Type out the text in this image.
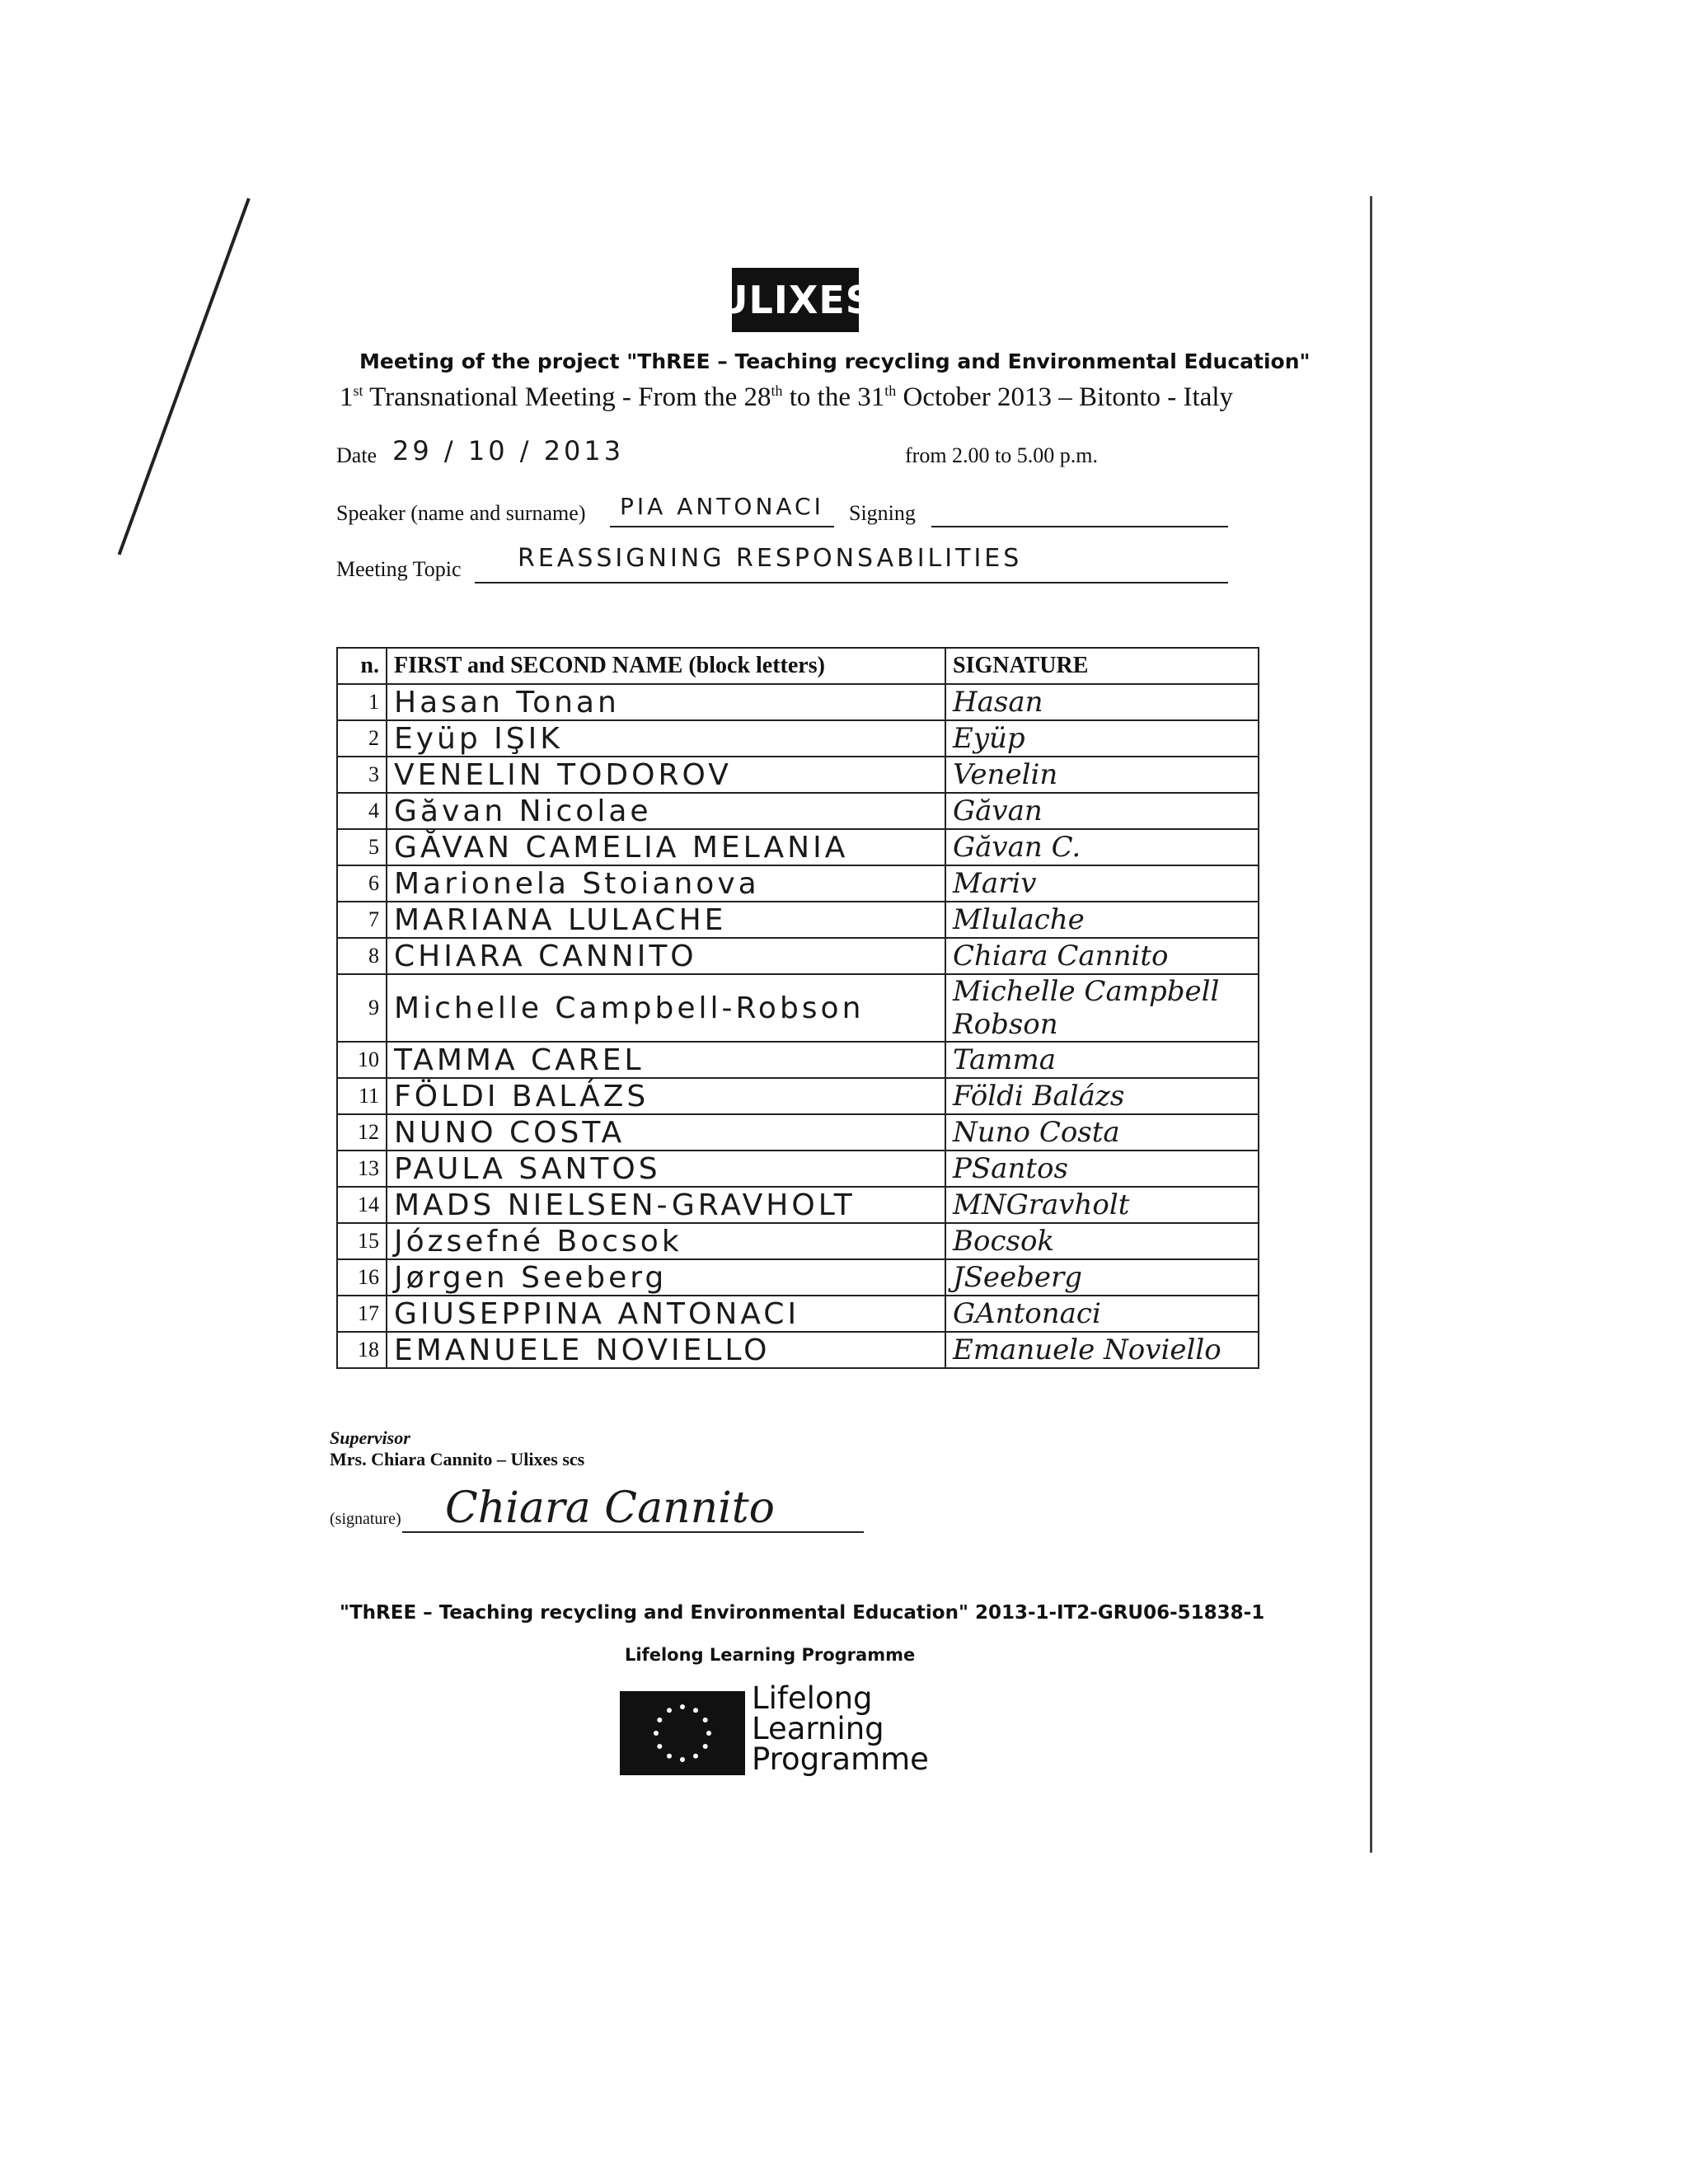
ULIXES
Meeting of the project "ThREE – Teaching recycling and Environmental Education"
1st Transnational Meeting - From the 28th to the 31th October 2013 – Bitonto - Italy
Date 29 / 10 / 2013	from 2.00 to 5.00 p.m.
Speaker (name and surname) PIA ANTONACI Signing
Meeting Topic REASSIGNING RESPONSABILITIES
n.	FIRST and SECOND NAME (block letters)	SIGNATURE
1	Hasan Tonan	Hasan
2	Eyüp IŞIK	Eyüp
3	VENELIN TODOROV	Venelin
4	Găvan Nicolae	Găvan
5	GĂVAN CAMELIA MELANIA	Găvan C.
6	Marionela Stoianova	Mariv
7	MARIANA LULACHE	Mlulache
8	CHIARA CANNITO	Chiara Cannito
9	Michelle Campbell-Robson	Michelle Campbell Robson
10	TAMMA CAREL	Tamma
11	FÖLDI BALÁZS	Földi Balázs
12	NUNO COSTA	Nuno Costa
13	PAULA SANTOS	PSantos
14	MADS NIELSEN-GRAVHOLT	MNGravholt
15	Józsefné Bocsok	Bocsok
16	Jørgen Seeberg	JSeeberg
17	GIUSEPPINA ANTONACI	GAntonaci
18	EMANUELE NOVIELLO	Emanuele Noviello
Supervisor
Mrs. Chiara Cannito – Ulixes scs
(signature) Chiara Cannito
"ThREE – Teaching recycling and Environmental Education" 2013-1-IT2-GRU06-51838-1
Lifelong Learning Programme
Lifelong
Learning
Programme
